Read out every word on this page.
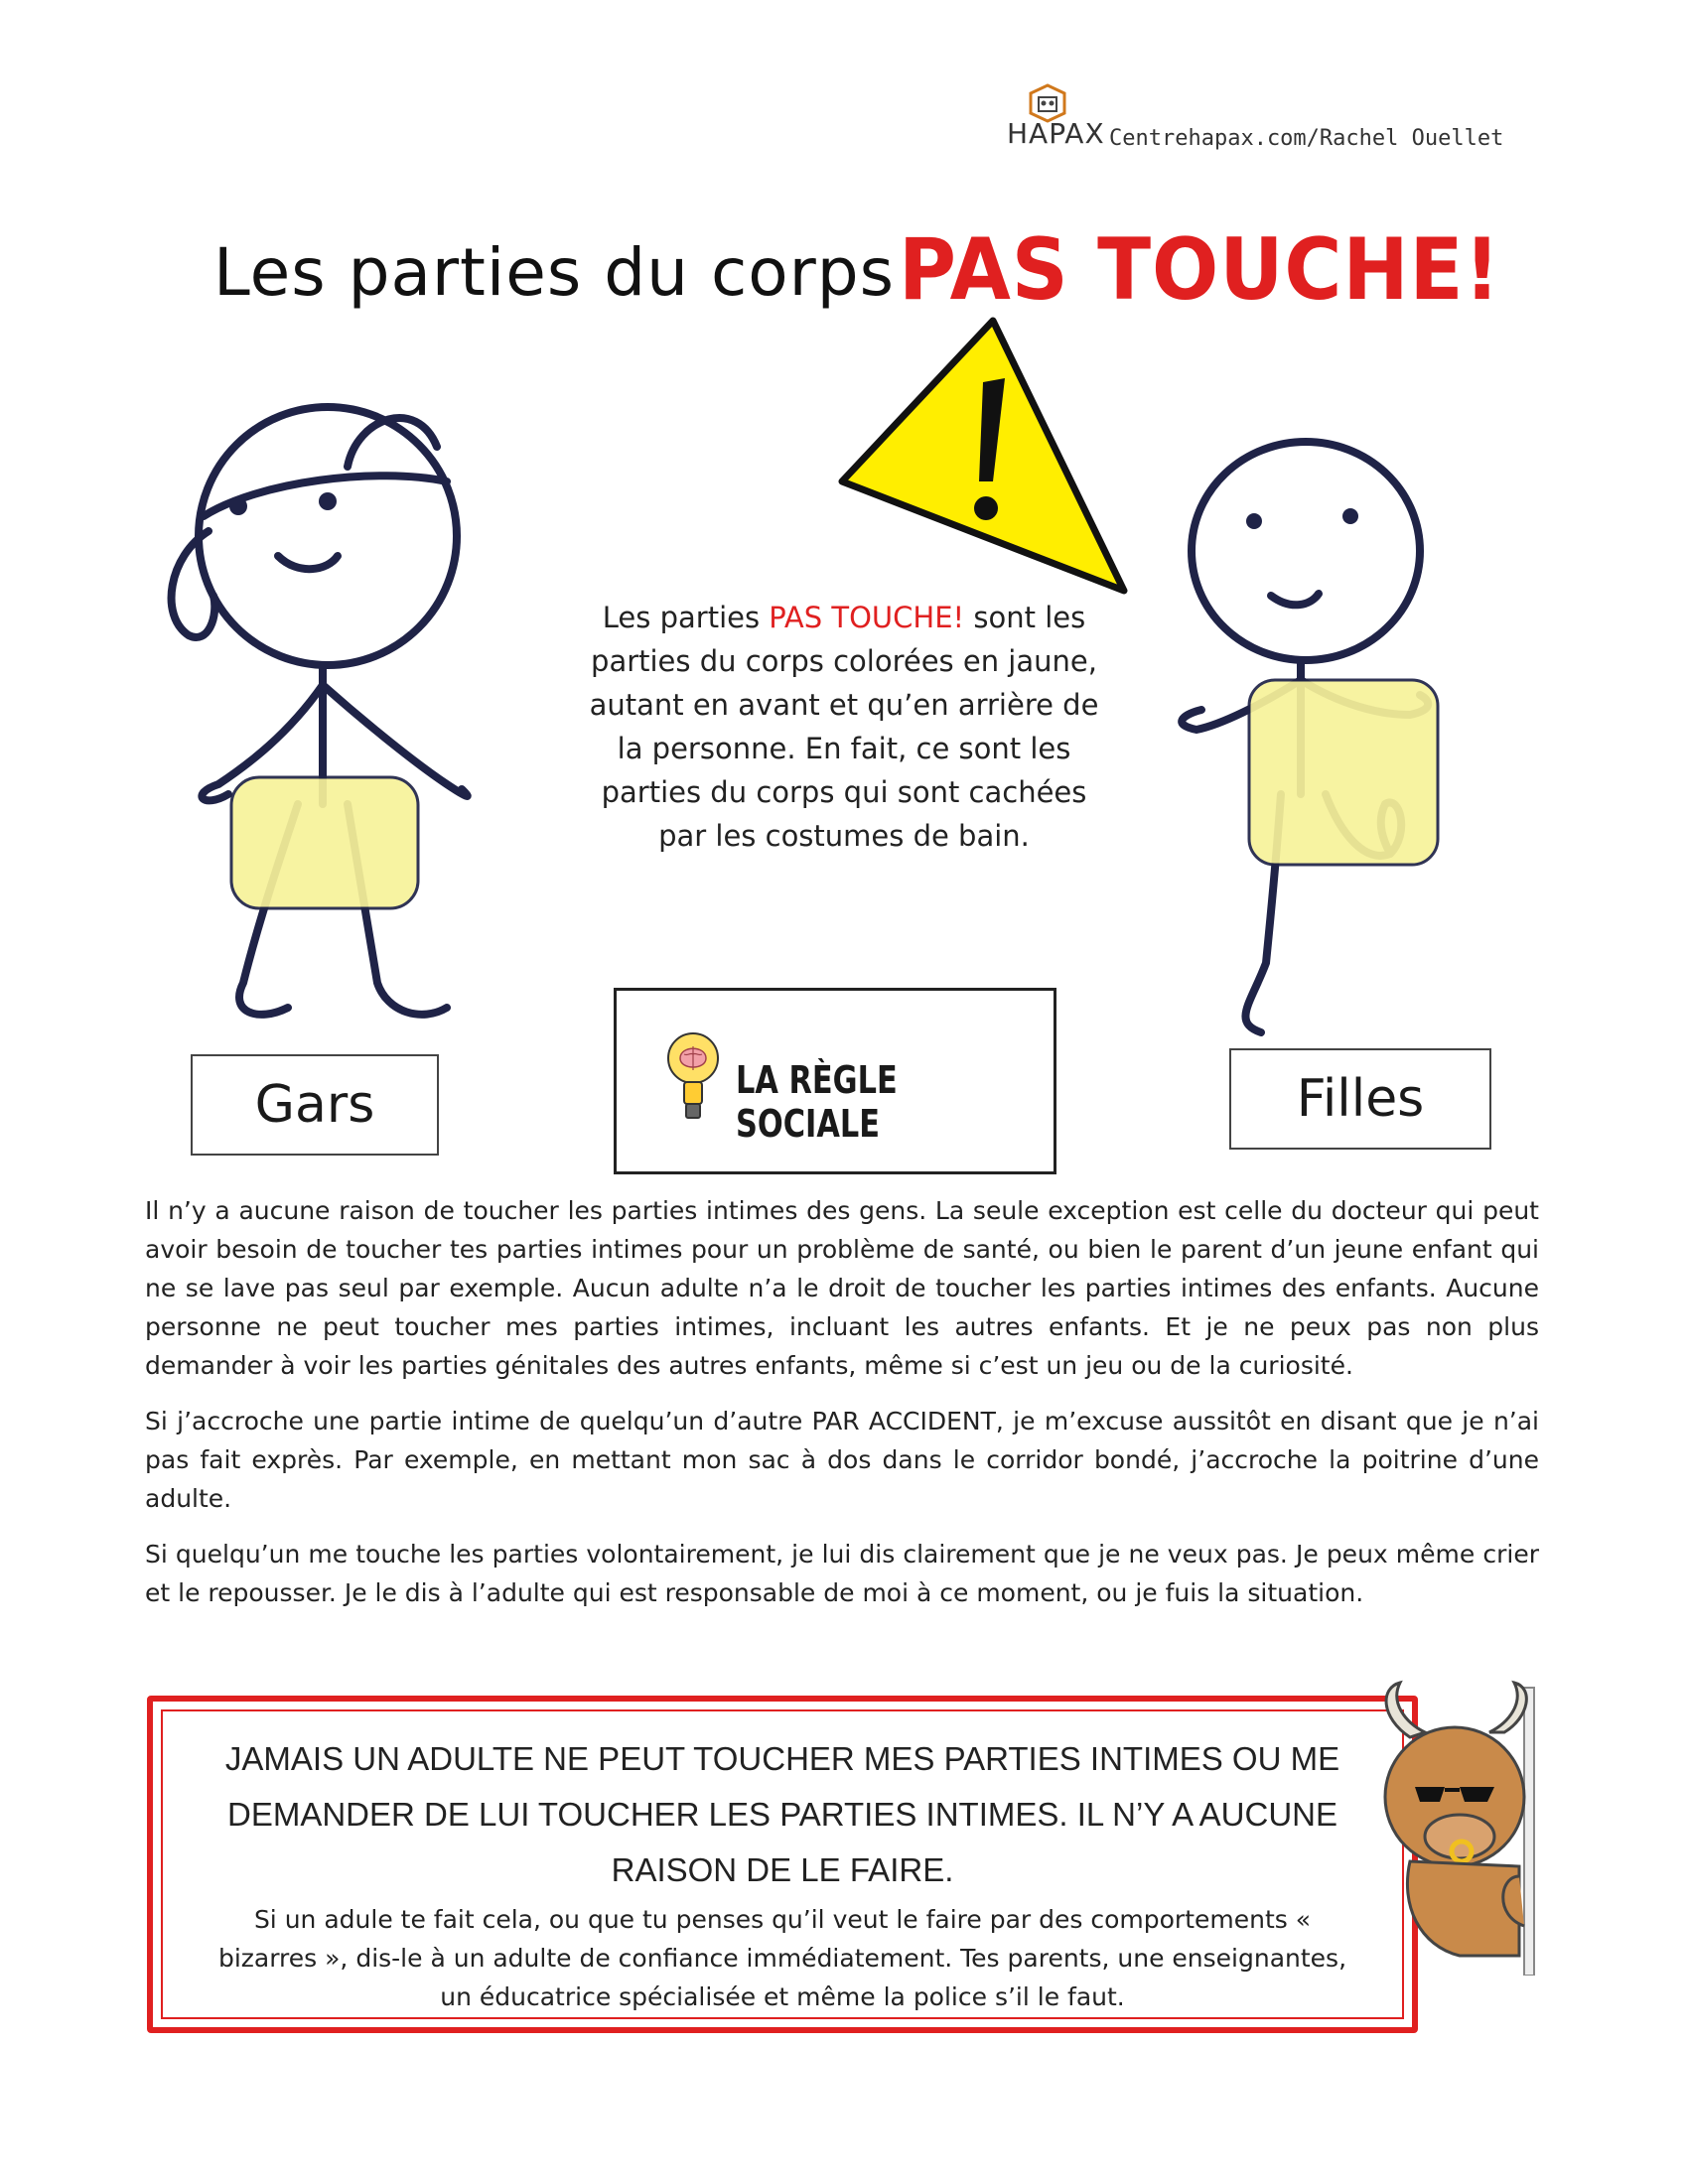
HAPAX Centrehapax.com/Rachel Ouellet
Les parties du corps PAS TOUCHE!
Les parties PAS TOUCHE! sont les parties du corps colorées en jaune, autant en avant et qu’en arrière de la personne. En fait, ce sont les parties du corps qui sont cachées par les costumes de bain.
Gars	Filles
LA RÈGLE SOCIALE

Il n’y a aucune raison de toucher les parties intimes des gens. La seule exception est celle du docteur qui peut avoir besoin de toucher tes parties intimes pour un problème de santé, ou bien le parent d’un jeune enfant qui ne se lave pas seul par exemple. Aucun adulte n’a le droit de toucher les parties intimes des enfants. Aucune personne ne peut toucher mes parties intimes, incluant les autres enfants. Et je ne peux pas non plus demander à voir les parties génitales des autres enfants, même si c’est un jeu ou de la curiosité.

Si j’accroche une partie intime de quelqu’un d’autre PAR ACCIDENT, je m’excuse aussitôt en disant que je n’ai pas fait exprès. Par exemple, en mettant mon sac à dos dans le corridor bondé, j’accroche la poitrine d’une adulte.

Si quelqu’un me touche les parties volontairement, je lui dis clairement que je ne veux pas. Je peux même crier et le repousser. Je le dis à l’adulte qui est responsable de moi à ce moment, ou je fuis la situation.

JAMAIS UN ADULTE NE PEUT TOUCHER MES PARTIES INTIMES OU ME DEMANDER DE LUI TOUCHER LES PARTIES INTIMES. IL N’Y A AUCUNE RAISON DE LE FAIRE.
Si un adule te fait cela, ou que tu penses qu’il veut le faire par des comportements « bizarres », dis-le à un adulte de confiance immédiatement. Tes parents, une enseignantes, un éducatrice spécialisée et même la police s’il le faut.
